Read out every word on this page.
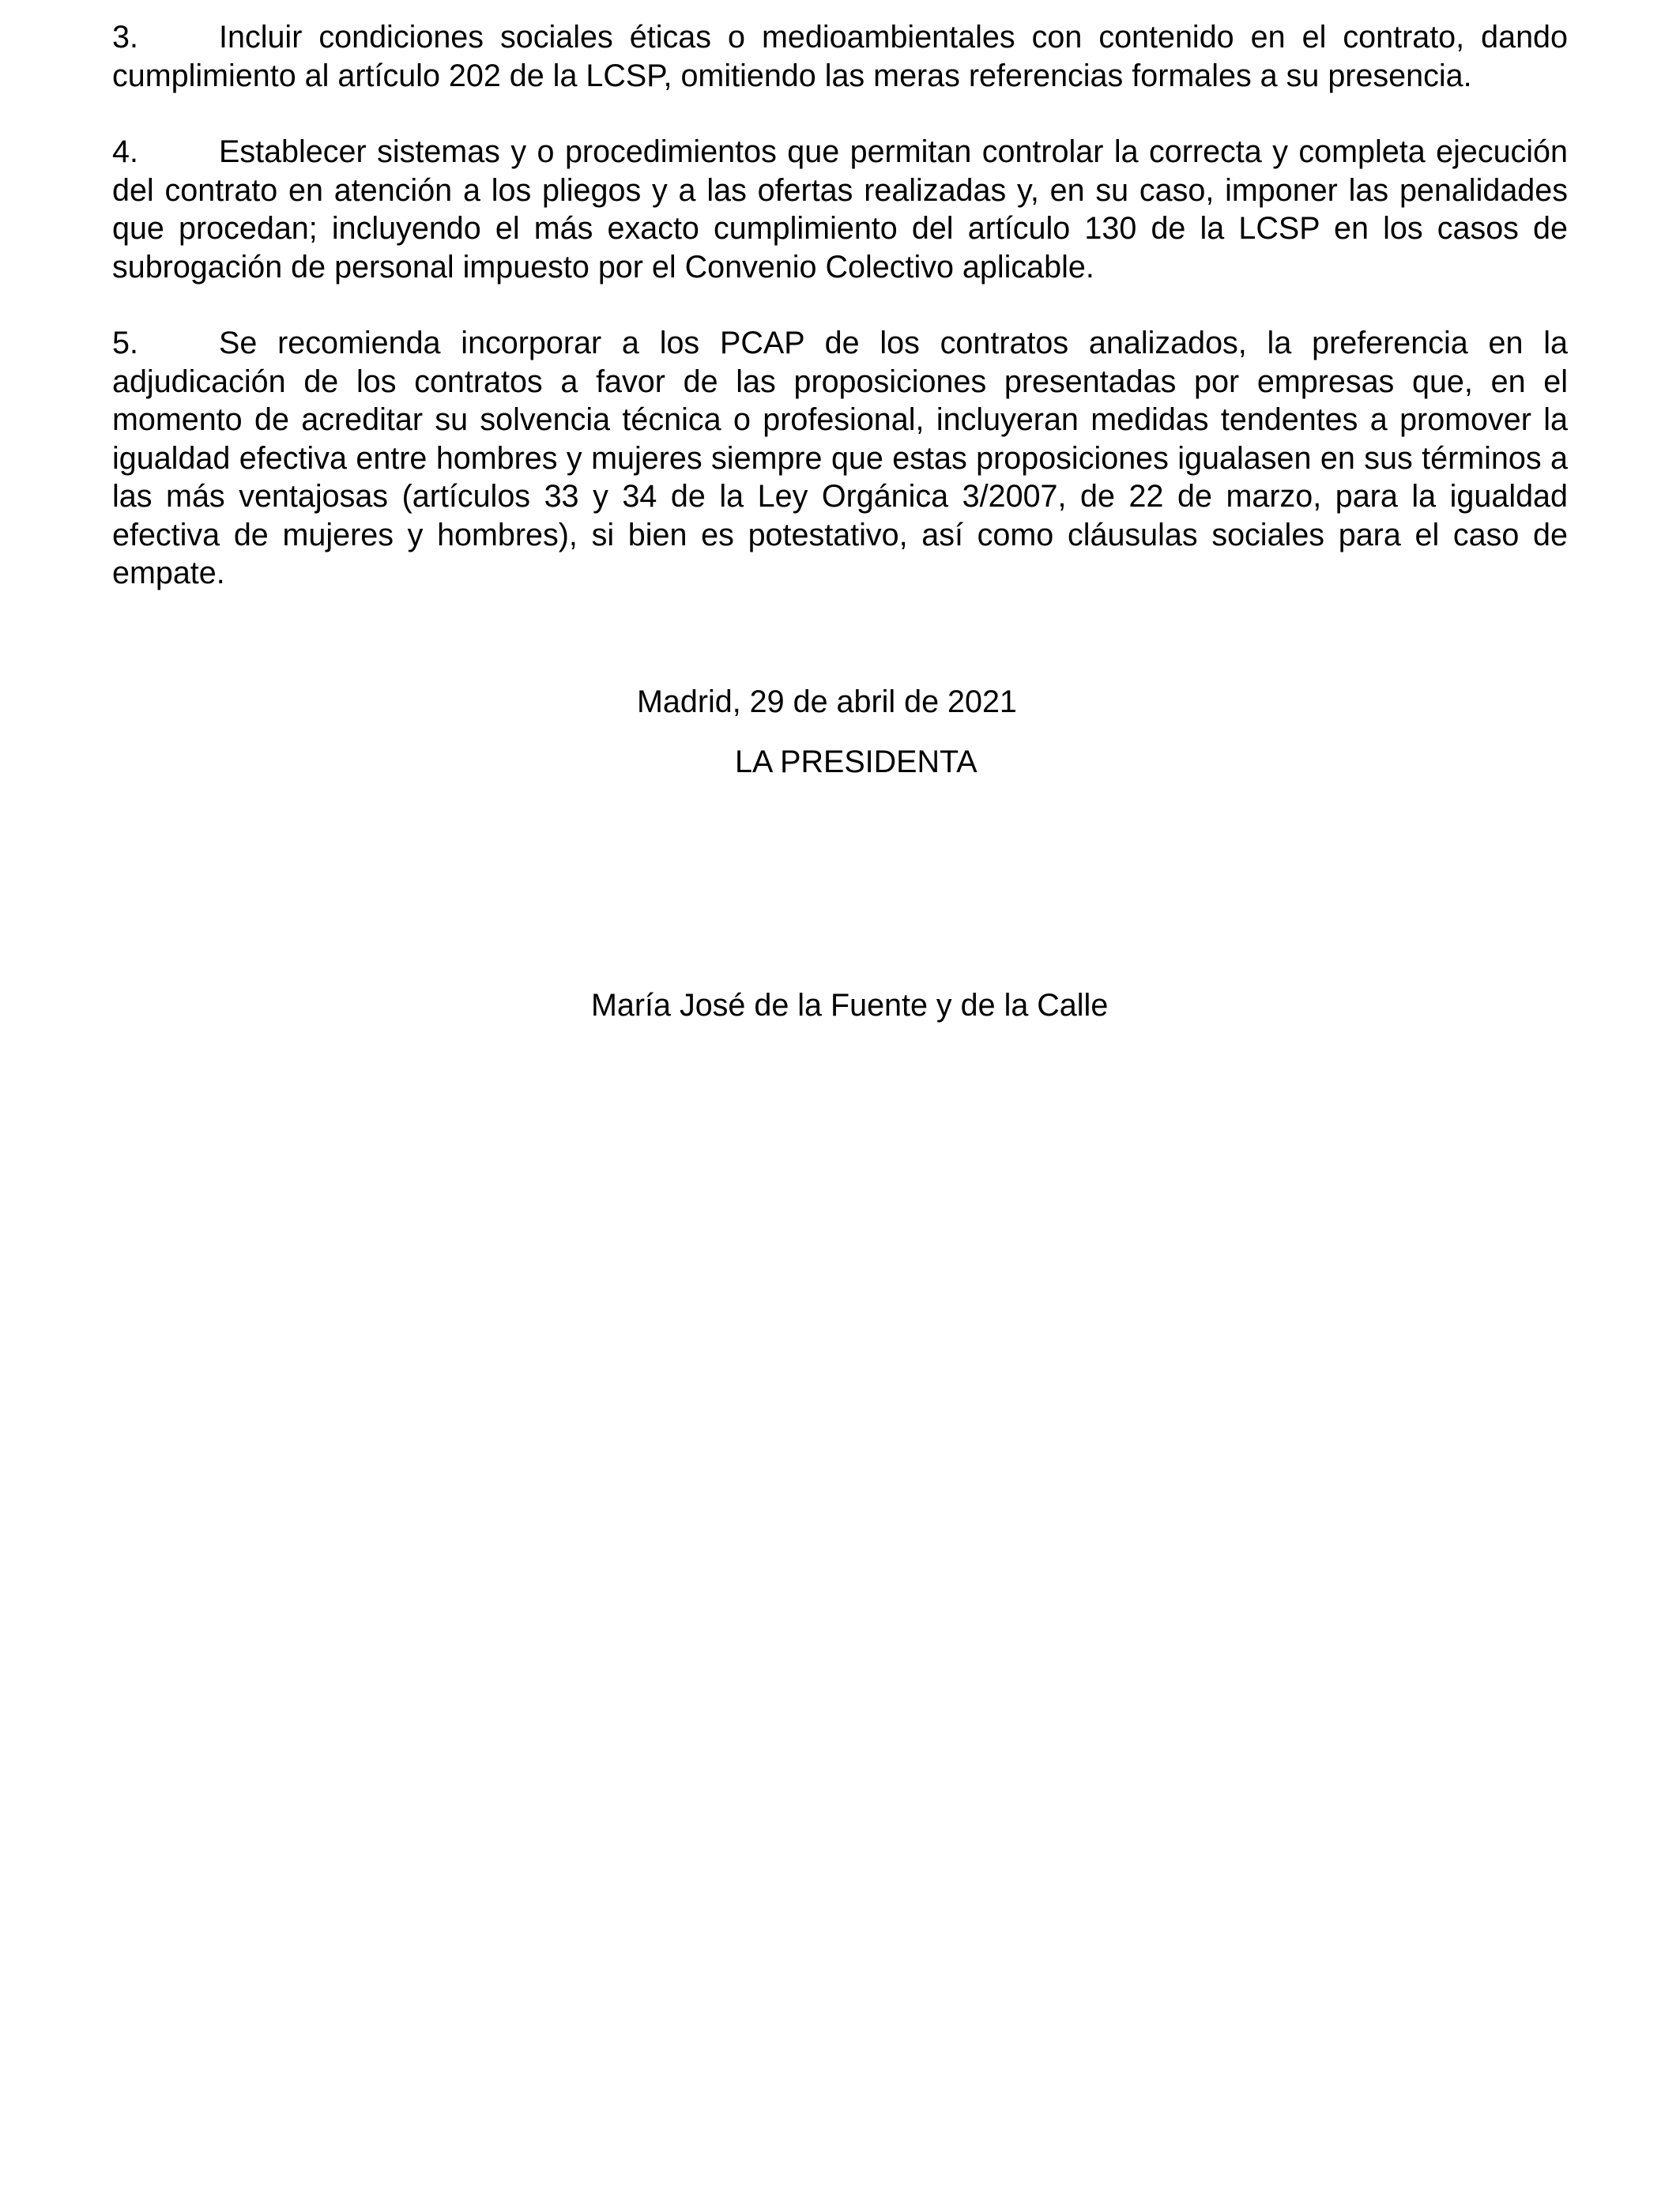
3.	Incluir condiciones sociales éticas o medioambientales con contenido en el contrato, dando cumplimiento al artículo 202 de la LCSP, omitiendo las meras referencias formales a su presencia.

4.	Establecer sistemas y o procedimientos que permitan controlar la correcta y completa ejecución del contrato en atención a los pliegos y a las ofertas realizadas y, en su caso, imponer las penalidades que procedan; incluyendo el más exacto cumplimiento del artículo 130 de la LCSP en los casos de subrogación de personal impuesto por el Convenio Colectivo aplicable.

5.	Se recomienda incorporar a los PCAP de los contratos analizados, la preferencia en la adjudicación de los contratos a favor de las proposiciones presentadas por empresas que, en el momento de acreditar su solvencia técnica o profesional, incluyeran medidas tendentes a promover la igualdad efectiva entre hombres y mujeres siempre que estas proposiciones igualasen en sus términos a las más ventajosas (artículos 33 y 34 de la Ley Orgánica 3/2007, de 22 de marzo, para la igualdad efectiva de mujeres y hombres), si bien es potestativo, así como cláusulas sociales para el caso de empate.

Madrid, 29 de abril de 2021
LA PRESIDENTA
María José de la Fuente y de la Calle
